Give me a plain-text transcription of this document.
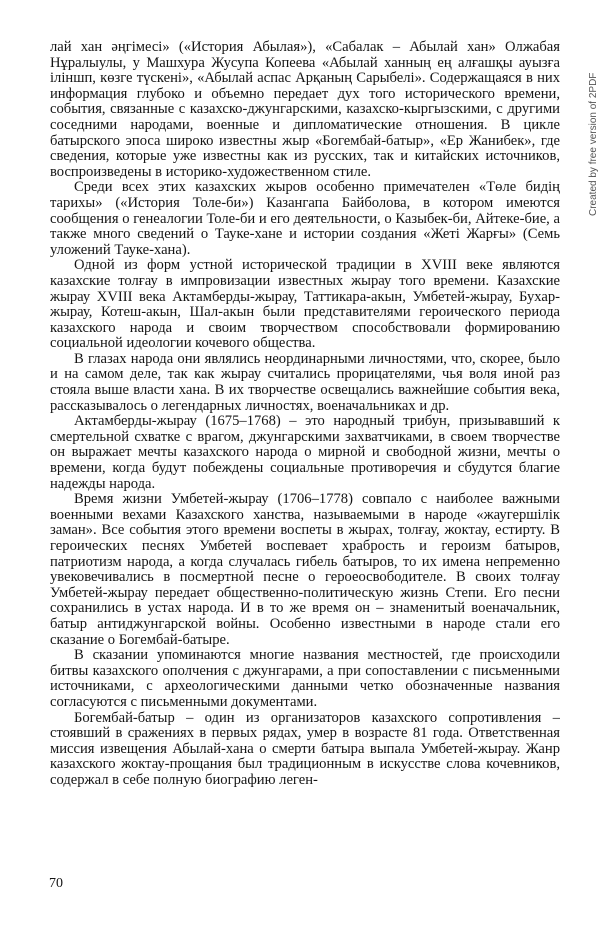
лай хан әңгімесі» («История Абылая»), «Сабалак – Абылай хан» Олжабая Нұралыулы, у Машхура Жусупа Копеева «Абылай ханның ең алғашқы ауызға іліншп, көзге түскені», «Абылай аспас Арқаның Сарыбелі». Содержащаяся в них информация глубоко и объемно передает дух того исторического времени, события, связанные с казахско-джунгарскими, казахско-кыргызскими, с другими соседними народами, военные и дипломатические отношения. В цикле батырского эпоса широко известны жыр «Богембай-батыр», «Ер Жанибек», где сведения, которые уже известны как из русских, так и китайских источников, воспроизведены в историко-художественном стиле.

Среди всех этих казахских жыров особенно примечателен «Төле бидің тарихы» («История Толе-би») Казангапа Байболова, в котором имеются сообщения о генеалогии Толе-би и его деятельности, о Казыбек-би, Айтеке-бие, а также много сведений о Тауке-хане и истории создания «Жеті Жарғы» (Семь уложений Тауке-хана).

Одной из форм устной исторической традиции в XVIII веке являются казахские толғау в импровизации известных жырау того времени. Казахские жырау XVIII века Актамберды-жырау, Таттикара-акын, Умбетей-жырау, Бухар-жырау, Котеш-акын, Шал-акын были представителями героического периода казахского народа и своим творчеством способствовали формированию социальной идеологии кочевого общества.

В глазах народа они являлись неординарными личностями, что, скорее, было и на самом деле, так как жырау считались прорицателями, чья воля иной раз стояла выше власти хана. В их творчестве освещались важнейшие события века, рассказывалось о легендарных личностях, военачальниках и др.

Актамберды-жырау (1675–1768) – это народный трибун, призывавший к смертельной схватке с врагом, джунгарскими захватчиками, в своем творчестве он выражает мечты казахского народа о мирной и свободной жизни, мечты о времени, когда будут побеждены социальные противоречия и сбудутся благие надежды народа.

Время жизни Умбетей-жырау (1706–1778) совпало с наиболее важными военными вехами Казахского ханства, называемыми в народе «жаугершілік заман». Все события этого времени воспеты в жырах, толғау, жоктау, естирту. В героических песнях Умбетей воспевает храбрость и героизм батыров, патриотизм народа, а когда случалась гибель батыров, то их имена непременно увековечивались в посмертной песне о героеосвободителе. В своих толғау Умбетей-жырау передает общественно-политическую жизнь Степи. Его песни сохранились в устах народа. И в то же время он – знаменитый военачальник, батыр антиджунгарской войны. Особенно известными в народе стали его сказание о Богембай-батыре.

В сказании упоминаются многие названия местностей, где происходили битвы казахского ополчения с джунгарами, а при сопоставлении с письменными источниками, с археологическими данными четко обозначенные названия согласуются с письменными документами.

Богембай-батыр – один из организаторов казахского сопротивления – стоявший в сражениях в первых рядах, умер в возрасте 81 года. Ответственная миссия извещения Абылай-хана о смерти батыра выпала Умбетей-жырау. Жанр казахского жоктау-прощания был традиционным в искусстве слова кочевников, содержал в себе полную биографию леген-

70
Created by free version of 2PDF
